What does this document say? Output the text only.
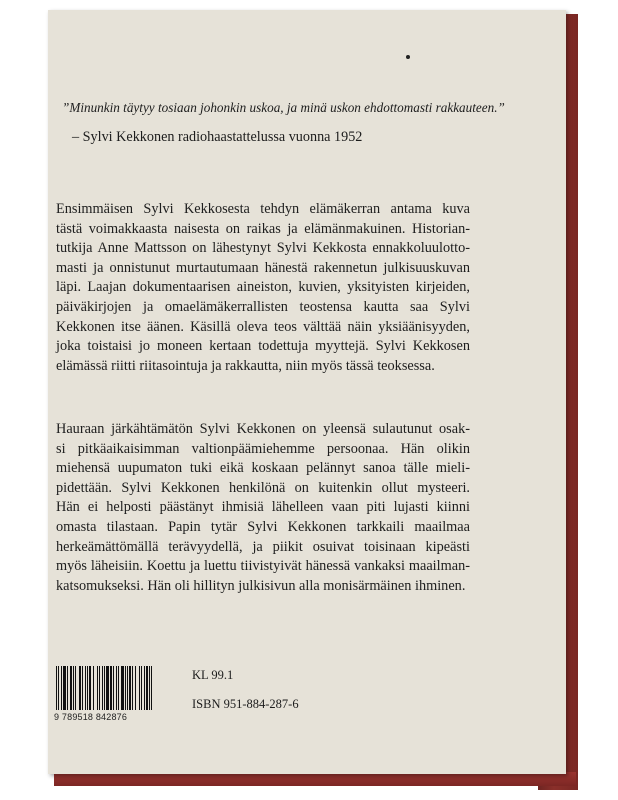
”Minunkin täytyy tosiaan johonkin uskoa, ja minä uskon ehdottomasti rakkauteen.”
– Sylvi Kekkonen radiohaastattelussa vuonna 1952

Ensimmäisen Sylvi Kekkosesta tehdyn elämäkerran antama kuva
tästä voimakkaasta naisesta on raikas ja elämänmakuinen. Historian-
tutkija Anne Mattsson on lähestynyt Sylvi Kekkosta ennakkoluulotto-
masti ja onnistunut murtautumaan hänestä rakennetun julkisuuskuvan
läpi. Laajan dokumentaarisen aineiston, kuvien, yksityisten kirjeiden,
päiväkirjojen ja omaelämäkerrallisten teostensa kautta saa Sylvi
Kekkonen itse äänen. Käsillä oleva teos välttää näin yksiäänisyyden,
joka toistaisi jo moneen kertaan todettuja myyttejä. Sylvi Kekkosen
elämässä riitti riitasointuja ja rakkautta, niin myös tässä teoksessa.

Hauraan järkähtämätön Sylvi Kekkonen on yleensä sulautunut osak-
si pitkäaikaisimman valtionpäämiehemme persoonaa. Hän olikin
miehensä uupumaton tuki eikä koskaan pelännyt sanoa tälle mieli-
pidettään. Sylvi Kekkonen henkilönä on kuitenkin ollut mysteeri.
Hän ei helposti päästänyt ihmisiä lähelleen vaan piti lujasti kiinni
omasta tilastaan. Papin tytär Sylvi Kekkonen tarkkaili maailmaa
herkeämättömällä terävyydellä, ja piikit osuivat toisinaan kipeästi
myös läheisiin. Koettu ja luettu tiivistyivät hänessä vankaksi maailman-
katsomukseksi. Hän oli hillityn julkisivun alla monisärmäinen ihminen.

9 789518 842876
KL 99.1
ISBN 951-884-287-6
